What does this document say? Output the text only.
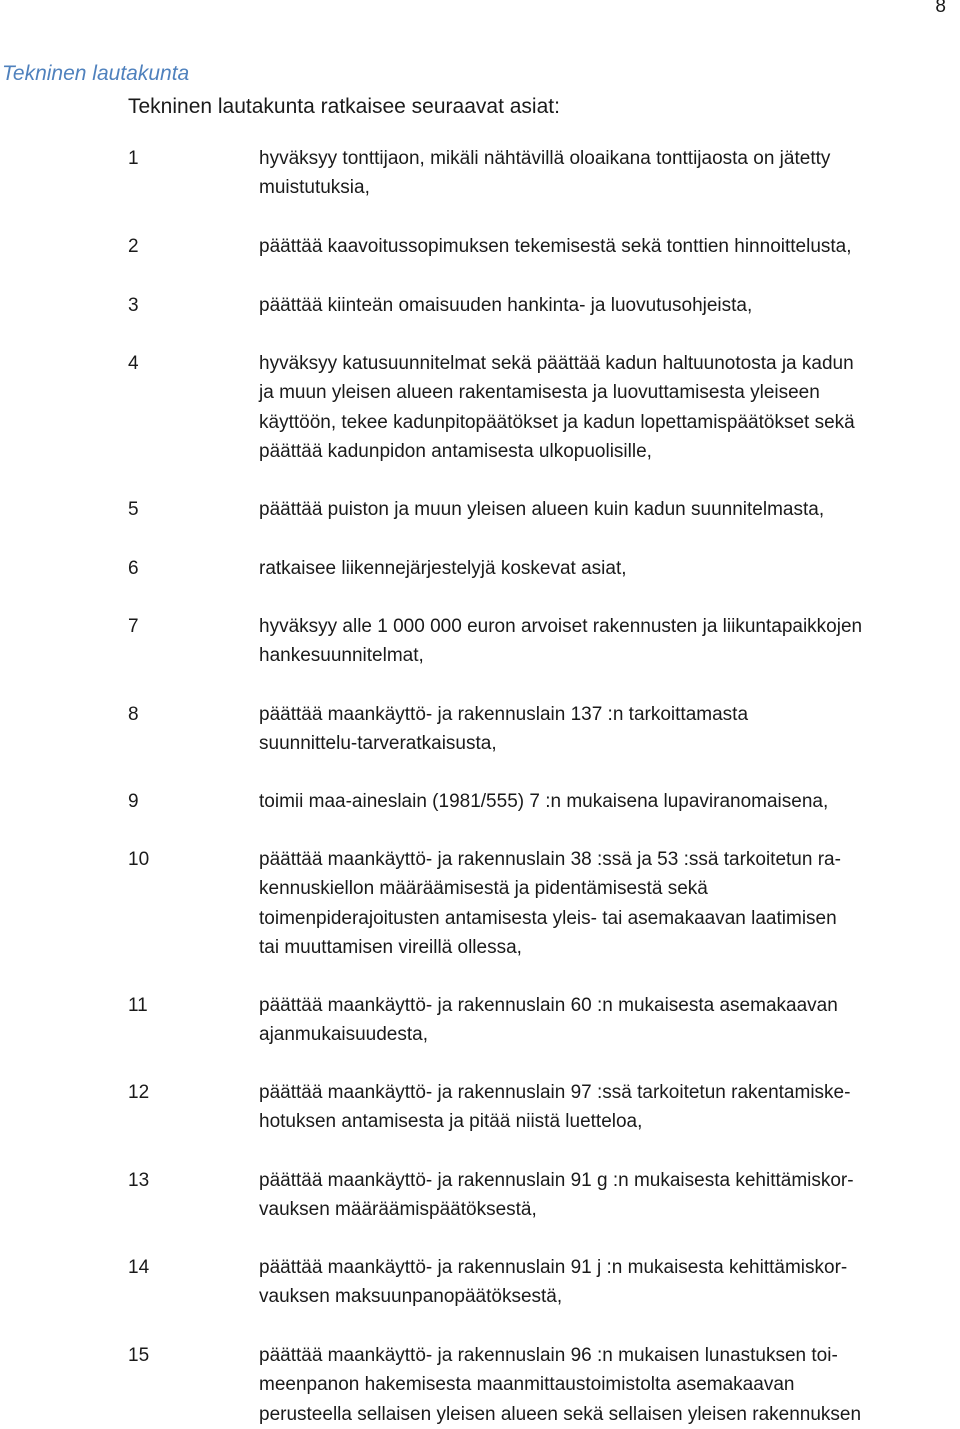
8
Tekninen lautakunta
Tekninen lautakunta ratkaisee seuraavat asiat:
1	hyväksyy tonttijaon, mikäli nähtävillä oloaikana tonttijaosta on jätetty
muistutuksia,
2	päättää kaavoitussopimuksen tekemisestä sekä tonttien hinnoittelusta,
3	päättää kiinteän omaisuuden hankinta- ja luovutusohjeista,
4	hyväksyy katusuunnitelmat sekä päättää kadun haltuunotosta ja kadun
ja muun yleisen alueen rakentamisesta ja luovuttamisesta yleiseen
käyttöön, tekee kadunpitopäätökset ja kadun lopettamispäätökset sekä
päättää kadunpidon antamisesta ulkopuolisille,
5	päättää puiston ja muun yleisen alueen kuin kadun suunnitelmasta,
6	ratkaisee liikennejärjestelyjä koskevat asiat,
7	hyväksyy alle 1 000 000 euron arvoiset rakennusten ja liikuntapaikkojen
hankesuunnitelmat,
8	päättää maankäyttö- ja rakennuslain 137 :n tarkoittamasta
suunnittelu-tarveratkaisusta,
9	toimii maa-aineslain (1981/555) 7 :n mukaisena lupaviranomaisena,
10	päättää maankäyttö- ja rakennuslain 38 :ssä ja 53 :ssä tarkoitetun ra-
kennuskiellon määräämisestä ja pidentämisestä sekä
toimenpiderajoitusten antamisesta yleis- tai asemakaavan laatimisen
tai muuttamisen vireillä ollessa,
11	päättää maankäyttö- ja rakennuslain 60 :n mukaisesta asemakaavan
ajanmukaisuudesta,
12	päättää maankäyttö- ja rakennuslain 97 :ssä tarkoitetun rakentamiske-
hotuksen antamisesta ja pitää niistä luetteloa,
13	päättää maankäyttö- ja rakennuslain 91 g :n mukaisesta kehittämiskor-
vauksen määräämispäätöksestä,
14	päättää maankäyttö- ja rakennuslain 91 j :n mukaisesta kehittämiskor-
vauksen maksuunpanopäätöksestä,
15	päättää maankäyttö- ja rakennuslain 96 :n mukaisen lunastuksen toi-
meenpanon hakemisesta maanmittaustoimistolta asemakaavan
perusteella sellaisen yleisen alueen sekä sellaisen yleisen rakennuksen
